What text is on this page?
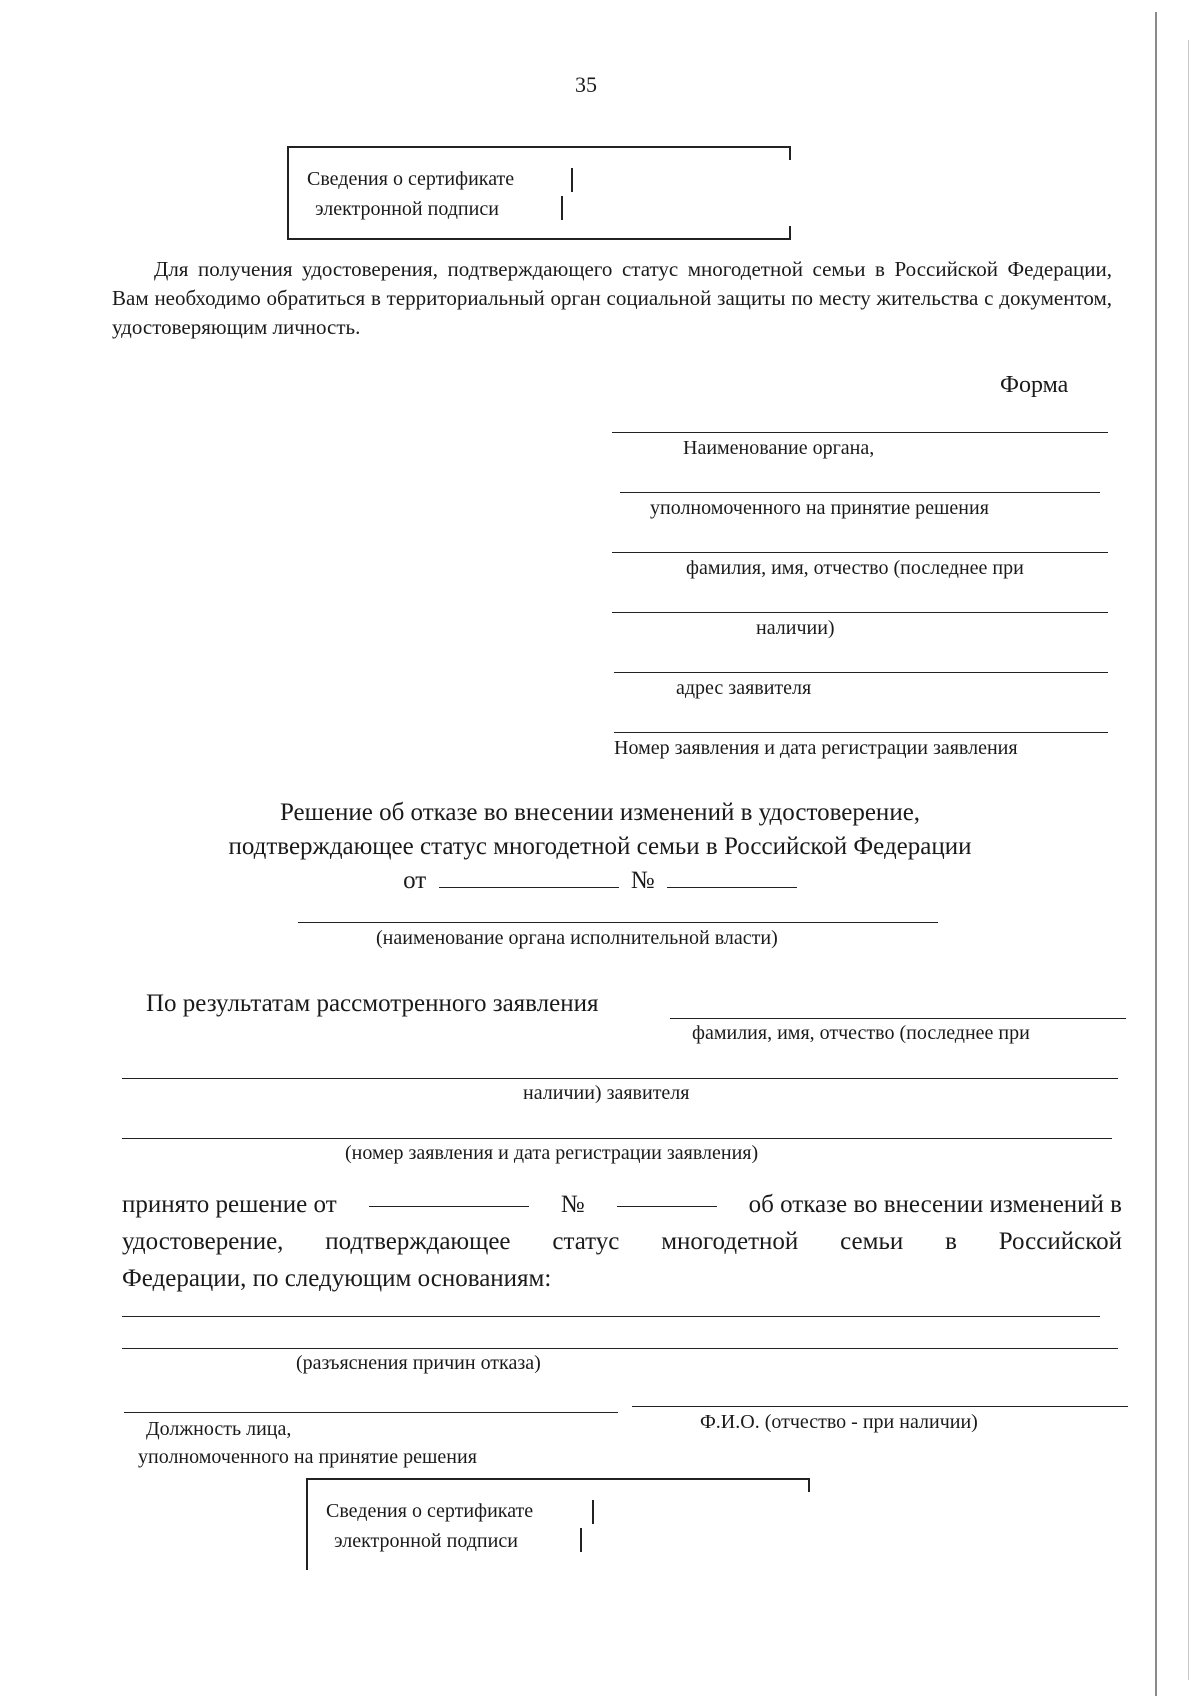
35
Сведения о сертификате
электронной подписи
Для получения удостоверения, подтверждающего статус многодетной семьи в Российской Федерации, Вам необходимо обратиться в территориальный орган социальной защиты по месту жительства с документом, удостоверяющим личность.
Форма
Наименование органа,
уполномоченного на принятие решения
фамилия, имя, отчество (последнее при
наличии)
адрес заявителя
Номер заявления и дата регистрации заявления
Решение об отказе во внесении изменений в удостоверение,
подтверждающее статус многодетной семьи в Российской Федерации
от	№
(наименование органа исполнительной власти)
По результатам рассмотренного заявления
фамилия, имя, отчество (последнее при
наличии) заявителя
(номер заявления и дата регистрации заявления)
принято решение от	№	об отказе во внесении изменений в
удостоверение, подтверждающее статус многодетной семьи в Российской
Федерации, по следующим основаниям:
(разъяснения причин отказа)
Должность лица,
уполномоченного на принятие решения
Ф.И.О. (отчество - при наличии)
Сведения о сертификате
электронной подписи
